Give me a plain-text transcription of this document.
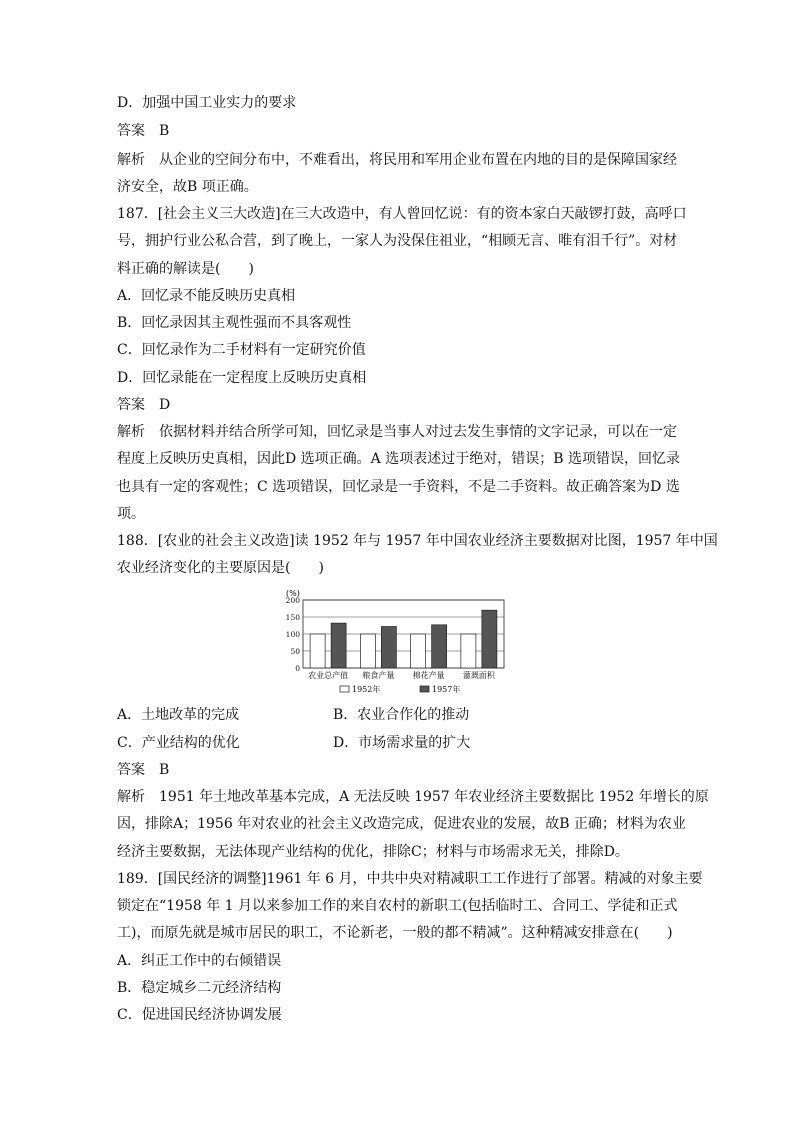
D．加强中国工业实力的要求
答案 B
解析 从企业的空间分布中，不难看出，将民用和军用企业布置在内地的目的是保障国家经
济安全，故B 项正确。
187．[社会主义三大改造]在三大改造中，有人曾回忆说：有的资本家白天敲锣打鼓，高呼口
号，拥护行业公私合营，到了晚上，一家人为没保住祖业，“相顾无言、唯有泪千行”。对材
料正确的解读是(　　)
A．回忆录不能反映历史真相
B．回忆录因其主观性强而不具客观性
C．回忆录作为二手材料有一定研究价值
D．回忆录能在一定程度上反映历史真相
答案 D
解析 依据材料并结合所学可知，回忆录是当事人对过去发生事情的文字记录，可以在一定
程度上反映历史真相，因此D 选项正确。A 选项表述过于绝对，错误；B 选项错误，回忆录
也具有一定的客观性；C 选项错误，回忆录是一手资料，不是二手资料。故正确答案为D 选
项。
188．[农业的社会主义改造]读 1952 年与 1957 年中国农业经济主要数据对比图，1957 年中国
农业经济变化的主要原因是(　　)
(%)
200
150
100
50
0
农业总产值 粮食产量 棉花产量 灌溉面积
1952年	1957年
A．土地改革的完成	B．农业合作化的推动
C．产业结构的优化	D．市场需求量的扩大
答案 B
解析 1951 年土地改革基本完成，A 无法反映 1957 年农业经济主要数据比 1952 年增长的原
因，排除A；1956 年对农业的社会主义改造完成，促进农业的发展，故B 正确；材料为农业
经济主要数据，无法体现产业结构的优化，排除C；材料与市场需求无关，排除D。
189．[国民经济的调整]1961 年 6 月，中共中央对精减职工工作进行了部署。精减的对象主要
锁定在“1958 年 1 月以来参加工作的来自农村的新职工(包括临时工、合同工、学徒和正式
工)，而原先就是城市居民的职工，不论新老，一般的都不精减”。这种精减安排意在(　　)
A．纠正工作中的右倾错误
B．稳定城乡二元经济结构
C．促进国民经济协调发展
